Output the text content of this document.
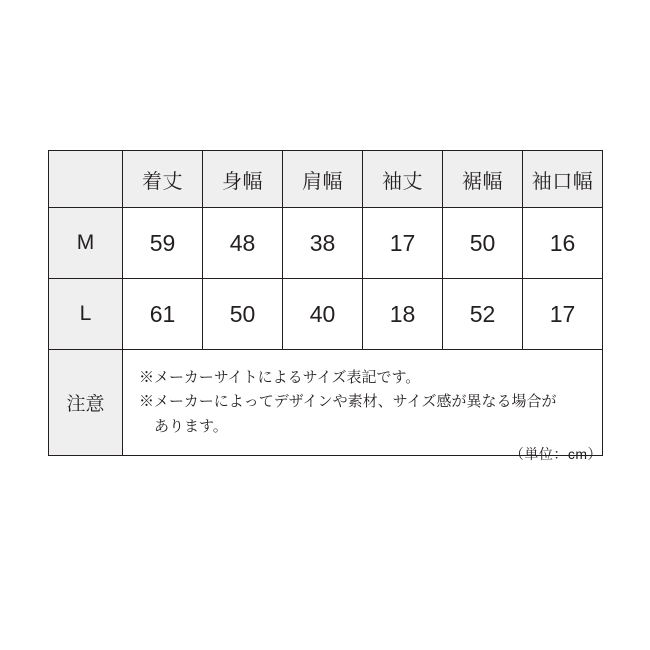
	着丈	身幅	肩幅	袖丈	裾幅	袖口幅
M	59	48	38	17	50	16
L	61	50	40	18	52	17
注意	※メーカーサイトによるサイズ表記です。
※メーカーによってデザインや素材、サイズ感が異なる場合が
あります。					
（単位：cm）
